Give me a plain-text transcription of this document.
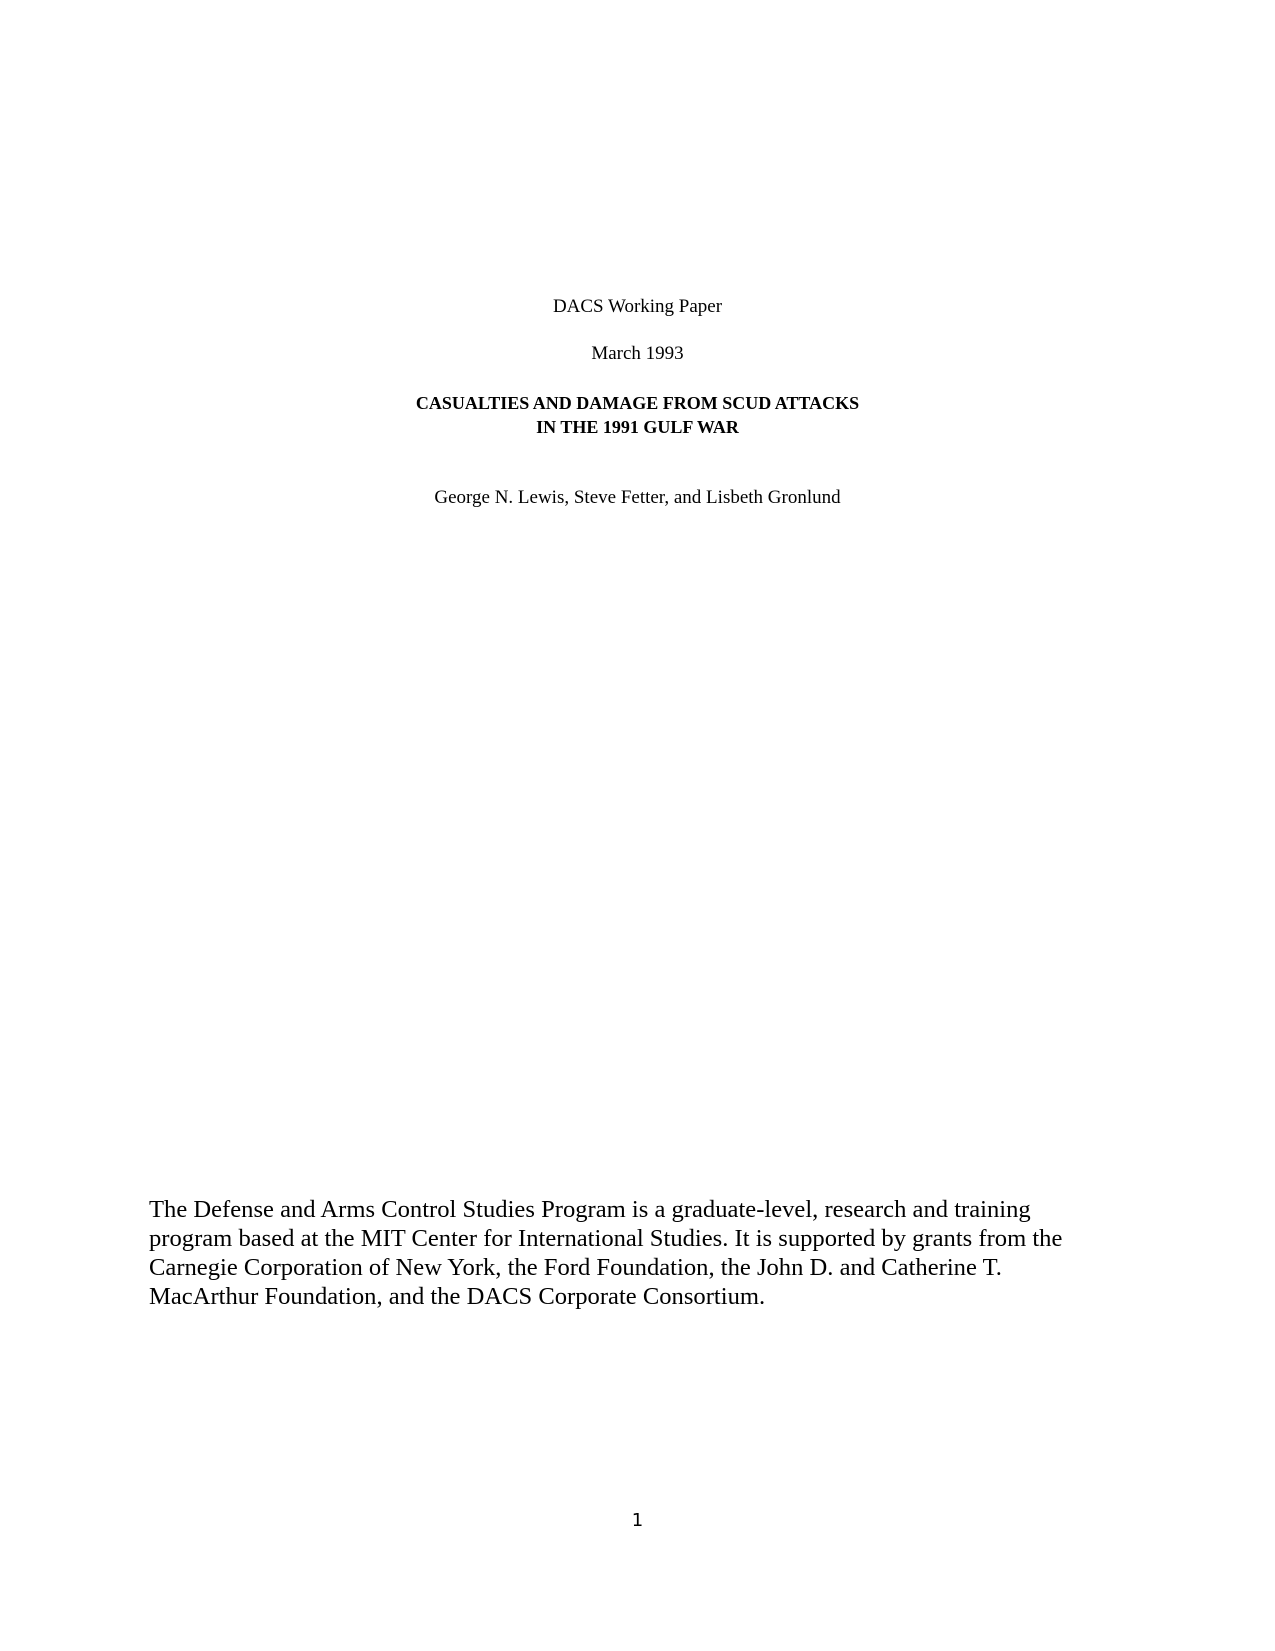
DACS Working Paper
March 1993
CASUALTIES AND DAMAGE FROM SCUD ATTACKS
IN THE 1991 GULF WAR
George N. Lewis, Steve Fetter, and Lisbeth Gronlund
The Defense and Arms Control Studies Program is a graduate-level, research and training
program based at the MIT Center for International Studies. It is supported by grants from the
Carnegie Corporation of New York, the Ford Foundation, the John D. and Catherine T.
MacArthur Foundation, and the DACS Corporate Consortium.
1
